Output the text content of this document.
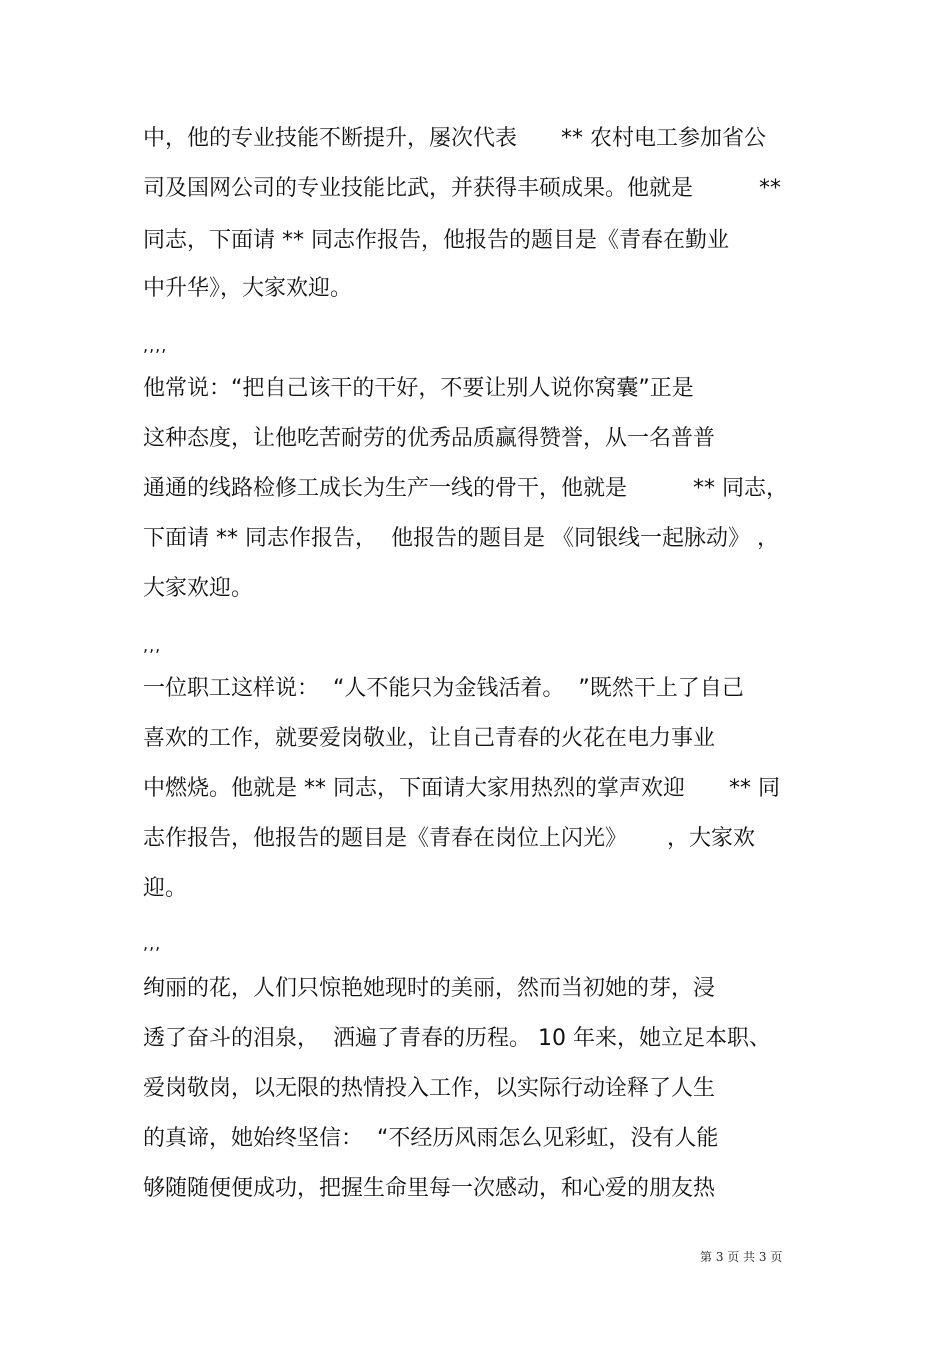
中，他的专业技能不断提升，屡次代表　　** 农村电工参加省公
司及国网公司的专业技能比武，并获得丰硕成果。他就是　　　**
同志，下面请 ** 同志作报告，他报告的题目是《青春在勤业
中升华》，大家欢迎。
,,,,
他常说：“把自己该干的干好，不要让别人说你窝囊”正是
这种态度，让他吃苦耐劳的优秀品质赢得赞誉，从一名普普
通通的线路检修工成长为生产一线的骨干，他就是　　　** 同志，
下面请 ** 同志作报告，  他报告的题目是 《同银线一起脉动》 ，
大家欢迎。
,,,
一位职工这样说：  “人不能只为金钱活着。  ”既然干上了自己
喜欢的工作，就要爱岗敬业，让自己青春的火花在电力事业
中燃烧。他就是 ** 同志，下面请大家用热烈的掌声欢迎　　** 同
志作报告，他报告的题目是《青春在岗位上闪光》　　 ，大家欢
迎。
,,,
绚丽的花，人们只惊艳她现时的美丽，然而当初她的芽，浸
透了奋斗的泪泉，  洒遍了青春的历程。 10 年来，她立足本职、
爱岗敬岗，以无限的热情投入工作，以实际行动诠释了人生
的真谛，她始终坚信：  “不经历风雨怎么见彩虹，没有人能
够随随便便成功，把握生命里每一次感动，和心爱的朋友热
第 3 页 共 3 页
